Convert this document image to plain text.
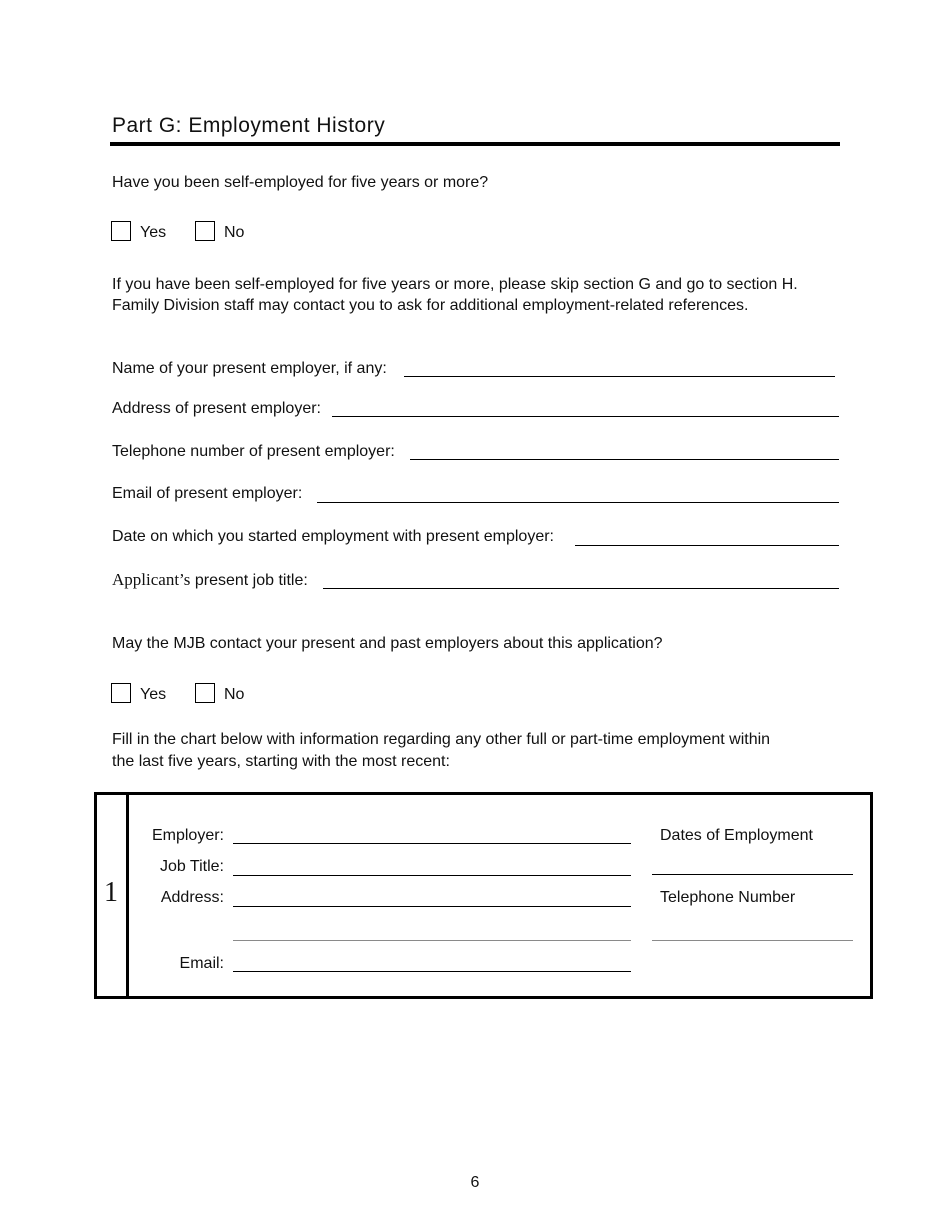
Part G: Employment History
Have you been self-employed for five years or more?
Yes	No
If you have been self-employed for five years or more, please skip section G and go to section H.
Family Division staff may contact you to ask for additional employment-related references.
Name of your present employer, if any:
Address of present employer:
Telephone number of present employer:
Email of present employer:
Date on which you started employment with present employer:
Applicant’s present job title:
May the MJB contact your present and past employers about this application?
Yes	No
Fill in the chart below with information regarding any other full or part-time employment within
the last five years, starting with the most recent:
1
Employer:
Job Title:
Address:
Email:
Dates of Employment
Telephone Number
6
